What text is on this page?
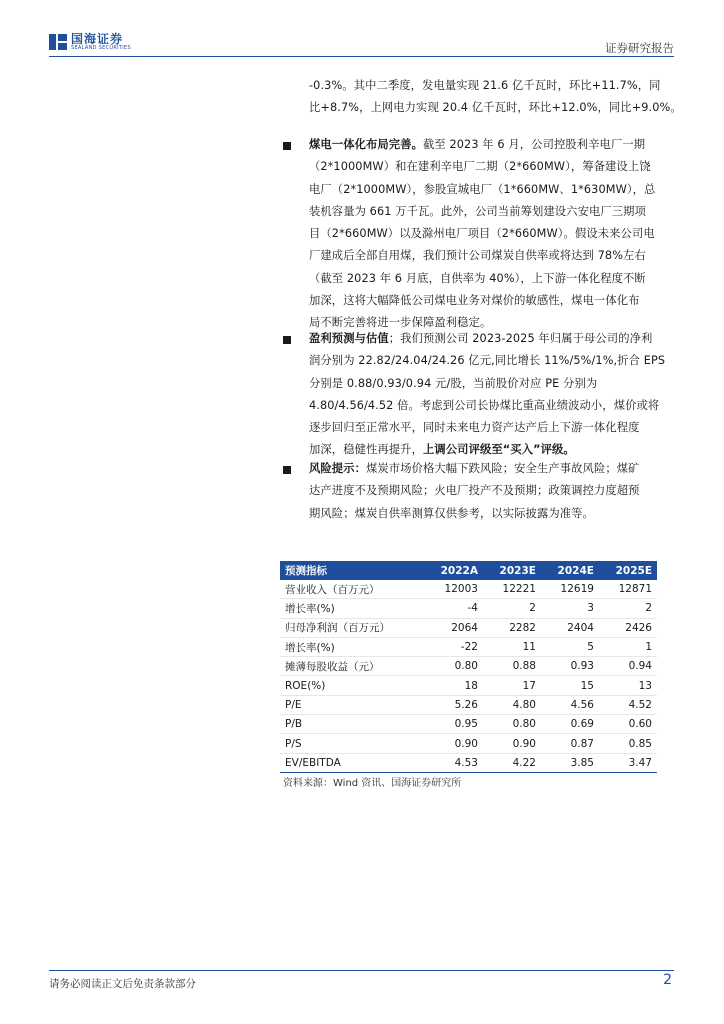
国海证券
SEALAND SECURITIES	证券研究报告
-0.3%。其中二季度，发电量实现 21.6 亿千瓦时，环比+11.7%，同
比+8.7%，上网电力实现 20.4 亿千瓦时，环比+12.0%，同比+9.0%。
煤电一体化布局完善。截至 2023 年 6 月，公司控股利辛电厂一期
（2*1000MW）和在建利辛电厂二期（2*660MW），筹备建设上饶
电厂（2*1000MW），参股宣城电厂（1*660MW、1*630MW），总
装机容量为 661 万千瓦。此外，公司当前筹划建设六安电厂三期项
目（2*660MW）以及滁州电厂项目（2*660MW）。假设未来公司电
厂建成后全部自用煤，我们预计公司煤炭自供率或将达到 78%左右
（截至 2023 年 6 月底，自供率为 40%），上下游一体化程度不断
加深，这将大幅降低公司煤电业务对煤价的敏感性，煤电一体化布
局不断完善将进一步保障盈利稳定。
盈利预测与估值；我们预测公司 2023-2025 年归属于母公司的净利
润分别为 22.82/24.04/24.26 亿元,同比增长 11%/5%/1%,折合 EPS
分别是 0.88/0.93/0.94 元/股，当前股价对应 PE 分别为
4.80/4.56/4.52 倍。考虑到公司长协煤比重高业绩波动小，煤价或将
逐步回归至正常水平，同时未来电力资产达产后上下游一体化程度
加深，稳健性再提升，上调公司评级至“买入”评级。
风险提示：煤炭市场价格大幅下跌风险；安全生产事故风险；煤矿
达产进度不及预期风险；火电厂投产不及预期；政策调控力度超预
期风险；煤炭自供率测算仅供参考，以实际披露为准等。
预测指标	2022A	2023E	2024E	2025E
营业收入（百万元）	12003	12221	12619	12871
增长率(%)	-4	2	3	2
归母净利润（百万元）	2064	2282	2404	2426
增长率(%)	-22	11	5	1
摊薄每股收益（元）	0.80	0.88	0.93	0.94
ROE(%)	18	17	15	13
P/E	5.26	4.80	4.56	4.52
P/B	0.95	0.80	0.69	0.60
P/S	0.90	0.90	0.87	0.85
EV/EBITDA	4.53	4.22	3.85	3.47
资料来源：Wind 资讯、国海证券研究所
请务必阅读正文后免责条款部分	2
